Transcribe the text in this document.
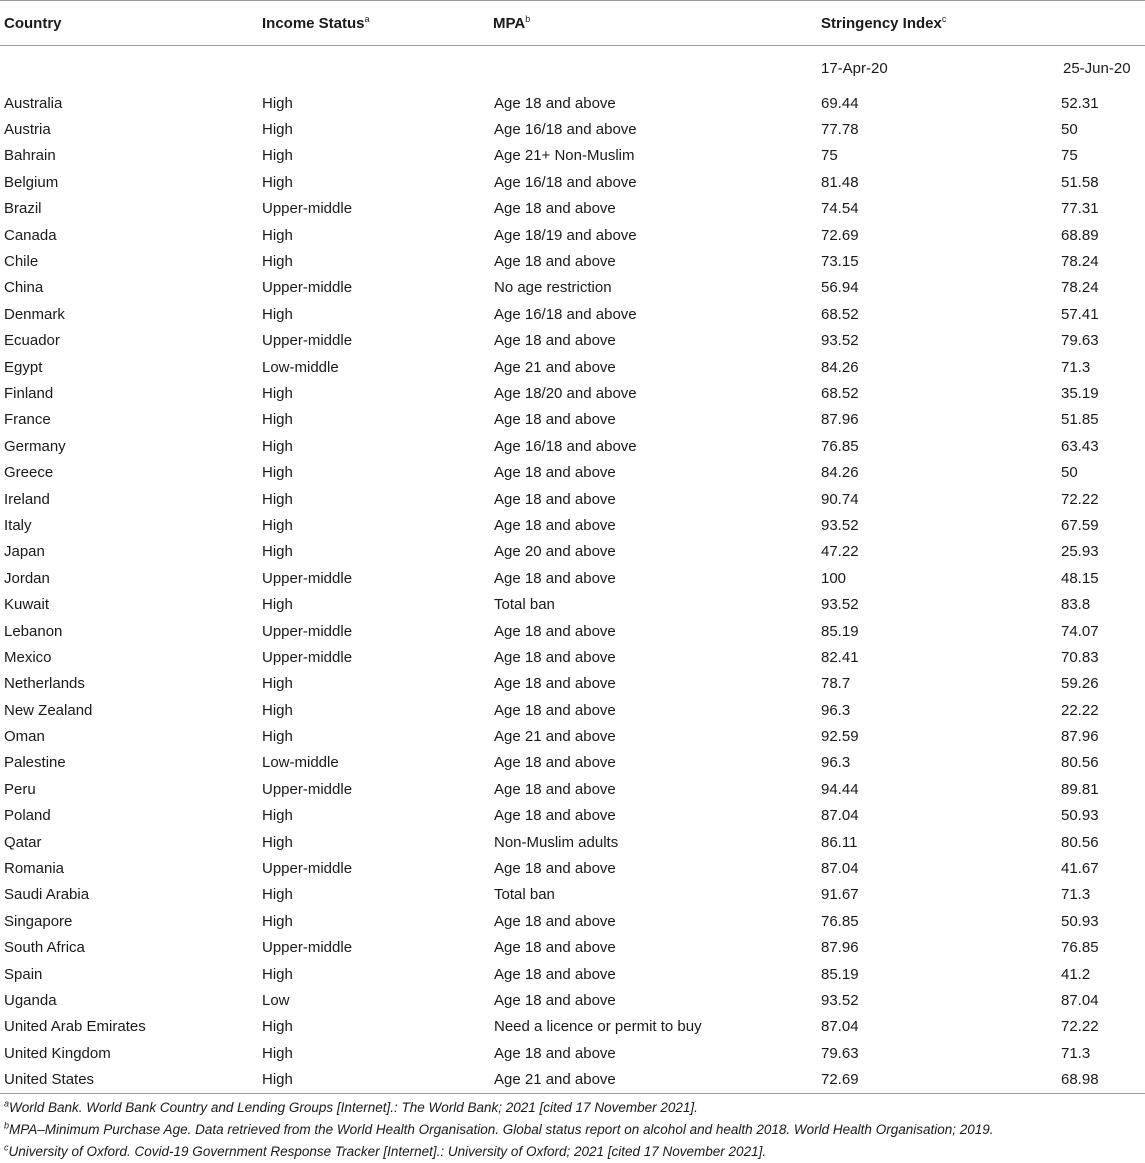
Country	Income Status$^a$	MPA$^b$	Stringency Index$^c$
			17-Apr-20	25-Jun-20
Australia	High	Age 18 and above	69.44	52.31
Austria	High	Age 16/18 and above	77.78	50
Bahrain	High	Age 21+ Non-Muslim	75	75
Belgium	High	Age 16/18 and above	81.48	51.58
Brazil	Upper-middle	Age 18 and above	74.54	77.31
Canada	High	Age 18/19 and above	72.69	68.89
Chile	High	Age 18 and above	73.15	78.24
China	Upper-middle	No age restriction	56.94	78.24
Denmark	High	Age 16/18 and above	68.52	57.41
Ecuador	Upper-middle	Age 18 and above	93.52	79.63
Egypt	Low-middle	Age 21 and above	84.26	71.3
Finland	High	Age 18/20 and above	68.52	35.19
France	High	Age 18 and above	87.96	51.85
Germany	High	Age 16/18 and above	76.85	63.43
Greece	High	Age 18 and above	84.26	50
Ireland	High	Age 18 and above	90.74	72.22
Italy	High	Age 18 and above	93.52	67.59
Japan	High	Age 20 and above	47.22	25.93
Jordan	Upper-middle	Age 18 and above	100	48.15
Kuwait	High	Total ban	93.52	83.8
Lebanon	Upper-middle	Age 18 and above	85.19	74.07
Mexico	Upper-middle	Age 18 and above	82.41	70.83
Netherlands	High	Age 18 and above	78.7	59.26
New Zealand	High	Age 18 and above	96.3	22.22
Oman	High	Age 21 and above	92.59	87.96
Palestine	Low-middle	Age 18 and above	96.3	80.56
Peru	Upper-middle	Age 18 and above	94.44	89.81
Poland	High	Age 18 and above	87.04	50.93
Qatar	High	Non-Muslim adults	86.11	80.56
Romania	Upper-middle	Age 18 and above	87.04	41.67
Saudi Arabia	High	Total ban	91.67	71.3
Singapore	High	Age 18 and above	76.85	50.93
South Africa	Upper-middle	Age 18 and above	87.96	76.85
Spain	High	Age 18 and above	85.19	41.2
Uganda	Low	Age 18 and above	93.52	87.04
United Arab Emirates	High	Need a licence or permit to buy	87.04	72.22
United Kingdom	High	Age 18 and above	79.63	71.3
United States	High	Age 21 and above	72.69	68.98
$^a$World Bank. World Bank Country and Lending Groups [Internet].: The World Bank; 2021 [cited 17 November 2021].
$^b$MPA–Minimum Purchase Age. Data retrieved from the World Health Organisation. Global status report on alcohol and health 2018. World Health Organisation; 2019.
$^c$University of Oxford. Covid-19 Government Response Tracker [Internet].: University of Oxford; 2021 [cited 17 November 2021].
